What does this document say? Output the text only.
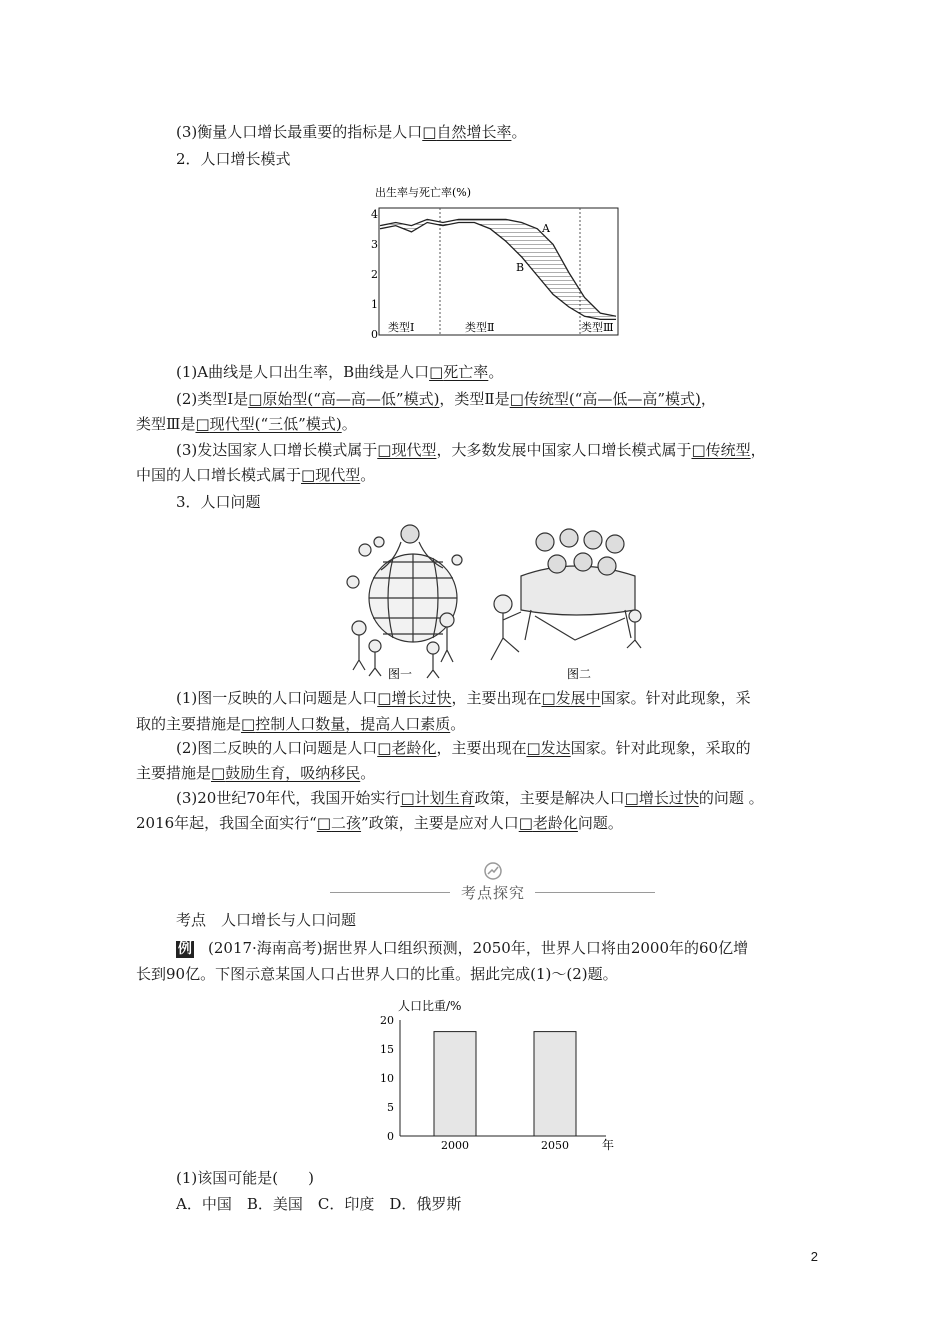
(3)衡量人口增长最重要的指标是人口 □ 自然增长率。
2．人口增长模式
出生率与死亡率(%)
4
3
2
1
0
A
B
类型Ⅰ	类型Ⅱ	类型Ⅲ
(1)A曲线是人口出生率，B曲线是人口 □ 死亡率。
(2)类型Ⅰ是 □ 原始型(“高—高—低”模式)，类型Ⅱ是 □ 传统型(“高—低—高”模式)，
类型Ⅲ是 □ 现代型(“三低”模式)。
(3)发达国家人口增长模式属于 □ 现代型，大多数发展中国家人口增长模式属于 □ 传统型，
中国的人口增长模式属于 □ 现代型。
3．人口问题
图一	图二
(1)图一反映的人口问题是人口 □ 增长过快，主要出现在 □ 发展中国家。针对此现象，采
取的主要措施是 □ 控制人口数量，提高人口素质。
(2)图二反映的人口问题是人口 □ 老龄化，主要出现在 □ 发达国家。针对此现象，采取的
主要措施是 □ 鼓励生育，吸纳移民。
(3)20世纪70年代，我国开始实行 □ 计划生育政策，主要是解决人口 □ 增长过快的问题 。
2016年起，我国全面实行“ □ 二孩”政策，主要是应对人口 □ 老龄化问题。
考点探究
考点　人口增长与人口问题
例 (2017·海南高考)据世界人口组织预测，2050年，世界人口将由2000年的60亿增
长到90亿。下图示意某国人口占世界人口的比重。据此完成(1)～(2)题。
人口比重/%
20
15
10
5
0
2000	2050	年
(1)该国可能是(　　)
A．中国　B．美国　C．印度　D．俄罗斯
2
